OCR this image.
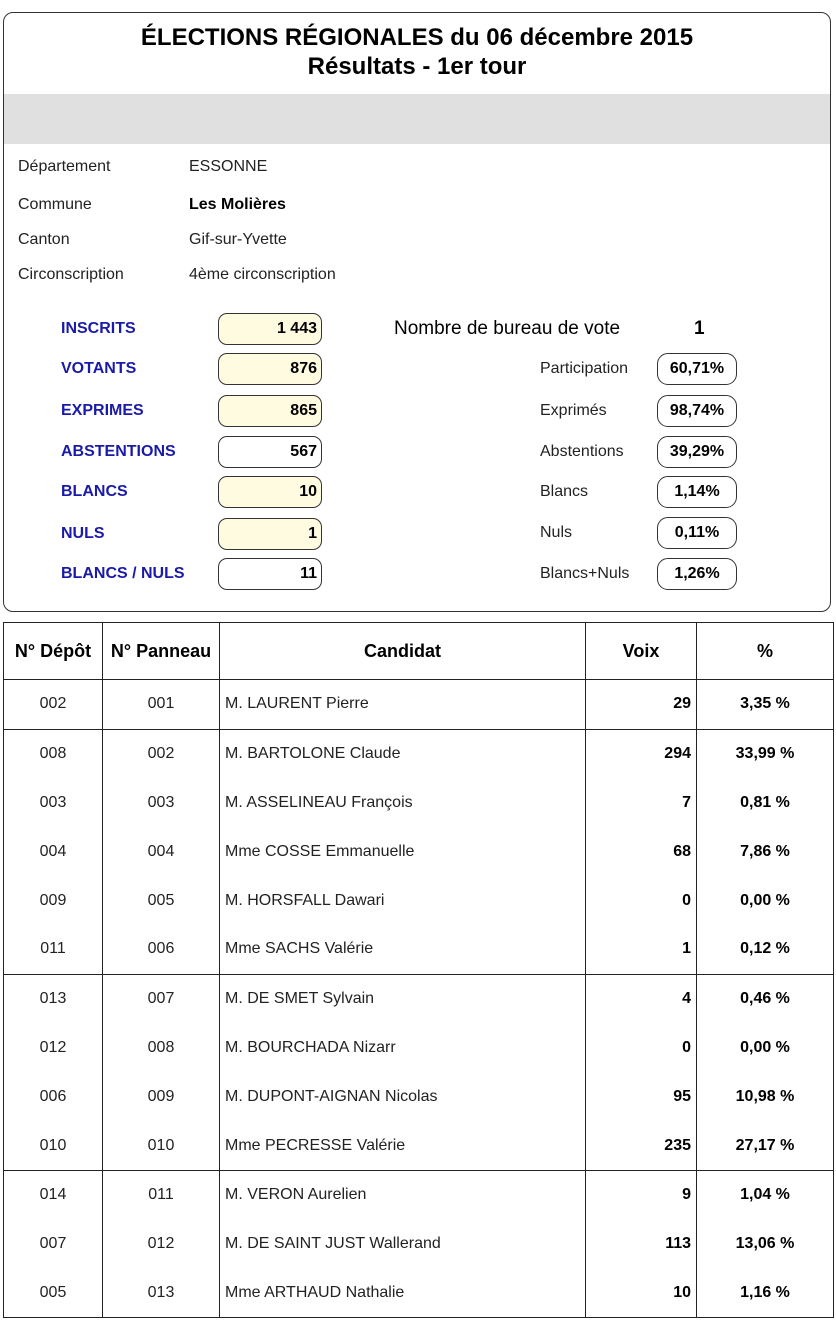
ÉLECTIONS RÉGIONALES du 06 décembre 2015
Résultats - 1er tour
Département	ESSONNE
Commune	Les Molières
Canton	Gif-sur-Yvette
Circonscription	4ème circonscription
INSCRITS	1 443
VOTANTS	876
EXPRIMES	865
ABSTENTIONS	567
BLANCS	10
NULS	1
BLANCS / NULS	11
Nombre de bureau de vote	1
Participation	60,71%
Exprimés	98,74%
Abstentions	39,29%
Blancs	1,14%
Nuls	0,11%
Blancs+Nuls	1,26%
N° Dépôt	N° Panneau	Candidat	Voix	%
002	001	M. LAURENT Pierre	29	3,35 %
008	002	M. BARTOLONE Claude	294	33,99 %
003	003	M. ASSELINEAU François	7	0,81 %
004	004	Mme COSSE Emmanuelle	68	7,86 %
009	005	M. HORSFALL Dawari	0	0,00 %
011	006	Mme SACHS Valérie	1	0,12 %
013	007	M. DE SMET Sylvain	4	0,46 %
012	008	M. BOURCHADA Nizarr	0	0,00 %
006	009	M. DUPONT-AIGNAN Nicolas	95	10,98 %
010	010	Mme PECRESSE Valérie	235	27,17 %
014	011	M. VERON Aurelien	9	1,04 %
007	012	M. DE SAINT JUST Wallerand	113	13,06 %
005	013	Mme ARTHAUD Nathalie	10	1,16 %
